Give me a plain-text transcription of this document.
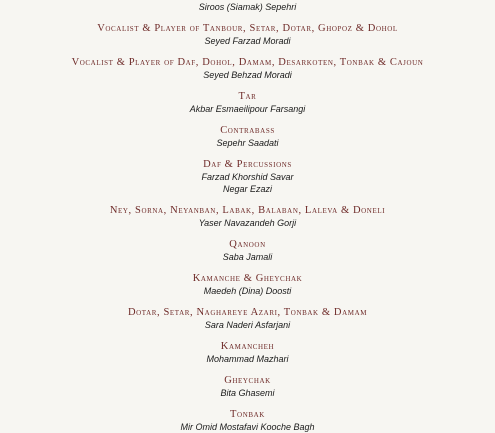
Siroos (Siamak) Sepehri
Vocalist & Player of Tanbour, Setar, Dotar, Ghopoz & Dohol
Seyed Farzad Moradi
Vocalist & Player of Daf, Dohol, Damam, Desarkoten, Tonbak & Cajoun
Seyed Behzad Moradi
Tar
Akbar Esmaeilipour Farsangi
Contrabass
Sepehr Saadati
Daf & Percussions
Farzad Khorshid Savar
Negar Ezazi
Ney, Sorna, Neyanban, Labak, Balaban, Laleva & Doneli
Yaser Navazandeh Gorji
Qanoon
Saba Jamali
Kamanche & Gheychak
Maedeh (Dina) Doosti
Dotar, Setar, Naghareye Azari, Tonbak & Damam
Sara Naderi Asfarjani
Kamancheh
Mohammad Mazhari
Gheychak
Bita Ghasemi
Tonbak
Mir Omid Mostafavi Kooche Bagh
